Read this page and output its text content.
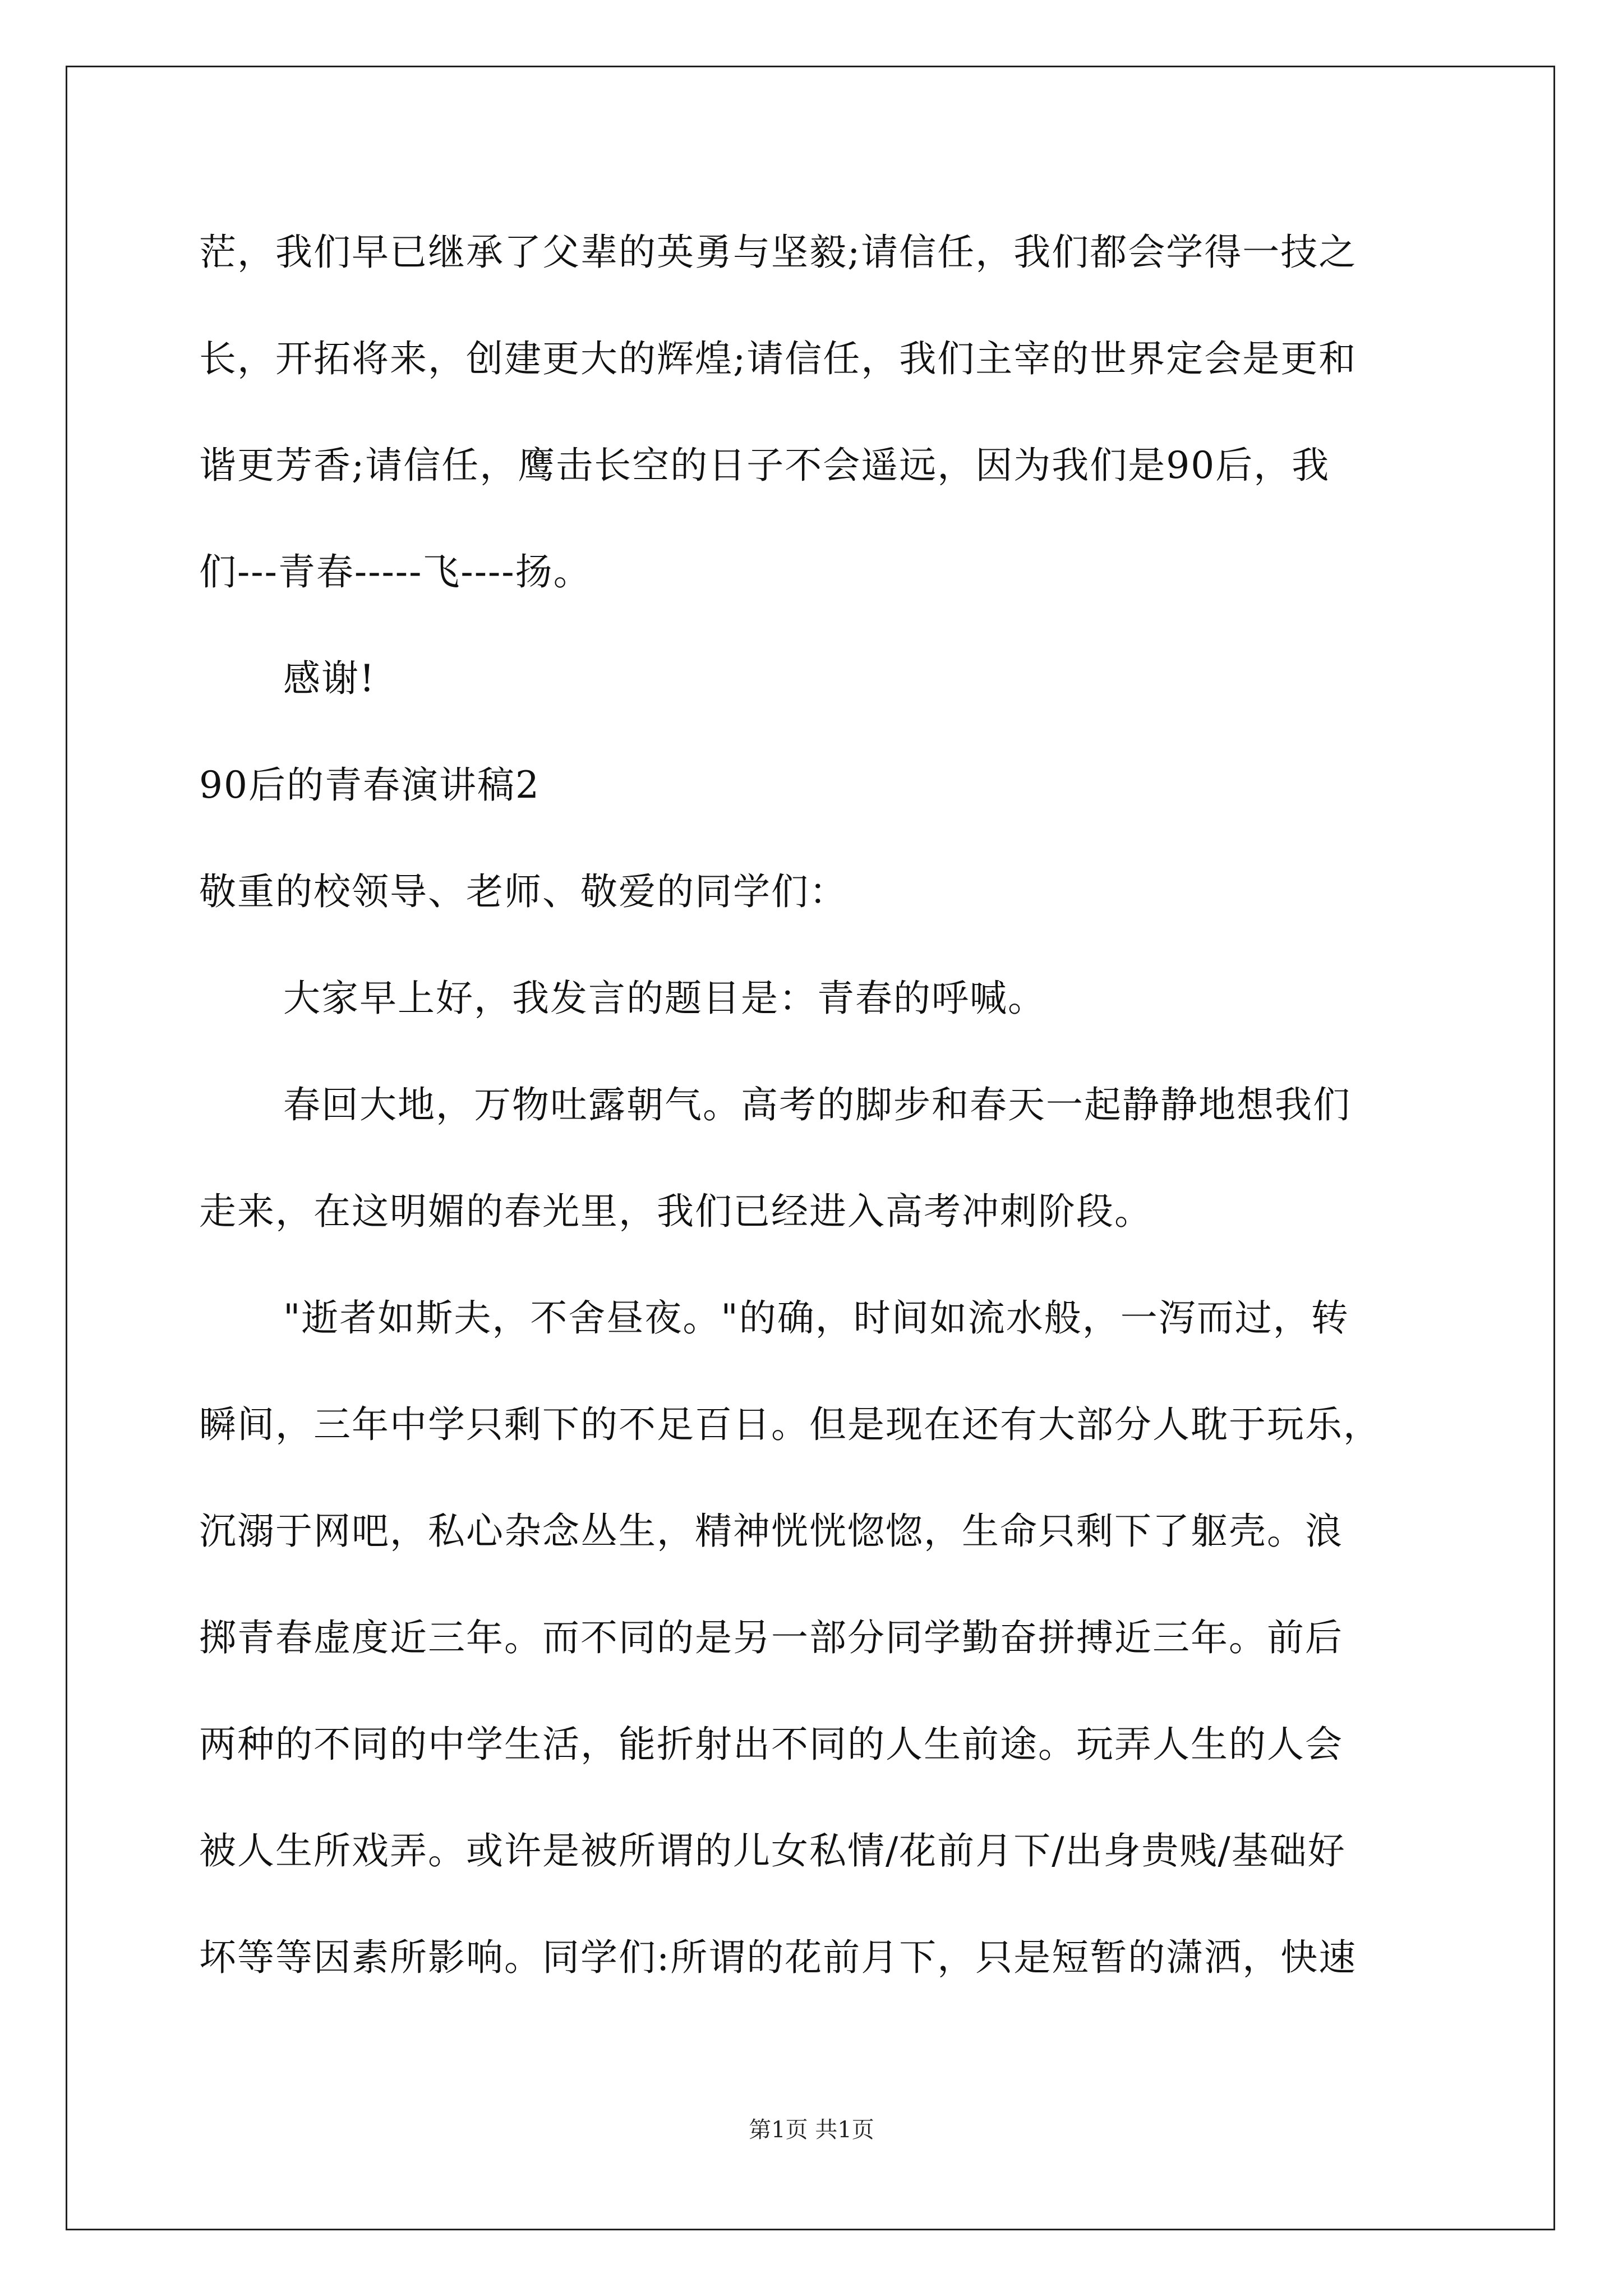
茫，我们早已继承了父辈的英勇与坚毅;请信任，我们都会学得一技之
长，开拓将来，创建更大的辉煌;请信任，我们主宰的世界定会是更和
谐更芳香;请信任，鹰击长空的日子不会遥远，因为我们是90后，我
们---青春-----飞----扬。
感谢!
90后的青春演讲稿2
敬重的校领导、老师、敬爱的同学们：
大家早上好，我发言的题目是：青春的呼喊。
春回大地，万物吐露朝气。高考的脚步和春天一起静静地想我们
走来，在这明媚的春光里，我们已经进入高考冲刺阶段。
"逝者如斯夫，不舍昼夜。"的确，时间如流水般，一泻而过，转
瞬间，三年中学只剩下的不足百日。但是现在还有大部分人耽于玩乐，
沉溺于网吧，私心杂念丛生，精神恍恍惚惚，生命只剩下了躯壳。浪
掷青春虚度近三年。而不同的是另一部分同学勤奋拼搏近三年。前后
两种的不同的中学生活，能折射出不同的人生前途。玩弄人生的人会
被人生所戏弄。或许是被所谓的儿女私情/花前月下/出身贵贱/基础好
坏等等因素所影响。同学们:所谓的花前月下，只是短暂的潇洒，快速
第1页 共1页
